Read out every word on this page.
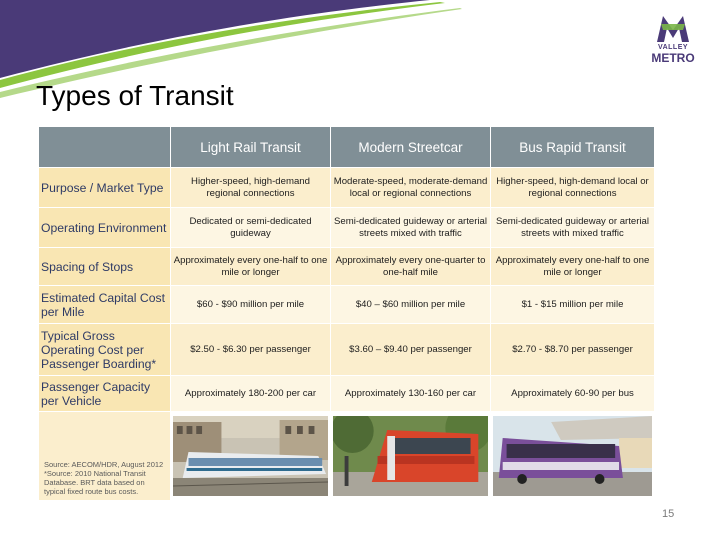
VALLEY
METRO
Types of Transit
	Light Rail Transit	Modern Streetcar	Bus Rapid Transit
Purpose / Market Type	Higher-speed, high-demand regional connections	Moderate-speed, moderate-demand local or regional connections	Higher-speed, high-demand local or regional connections
Operating Environment	Dedicated or semi-dedicated guideway	Semi-dedicated guideway or arterial streets mixed with traffic	Semi-dedicated guideway or arterial streets with mixed traffic
Spacing of Stops	Approximately every one-half to one mile or longer	Approximately every one-quarter to one-half mile	Approximately every one-half to one mile or longer
Estimated Capital Cost per Mile	$60 - $90 million per mile	$40 – $60 million per mile	$1 - $15 million per mile
Typical Gross Operating Cost per Passenger Boarding*	$2.50 - $6.30 per passenger	$3.60 – $9.40 per passenger	$2.70 - $8.70 per passenger
Passenger Capacity per Vehicle	Approximately 180-200 per car	Approximately 130-160 per car	Approximately 60-90 per bus
Source: AECOM/HDR, August 2012 *Source: 2010 National Transit Database. BRT data based on typical fixed route bus costs.	

15
